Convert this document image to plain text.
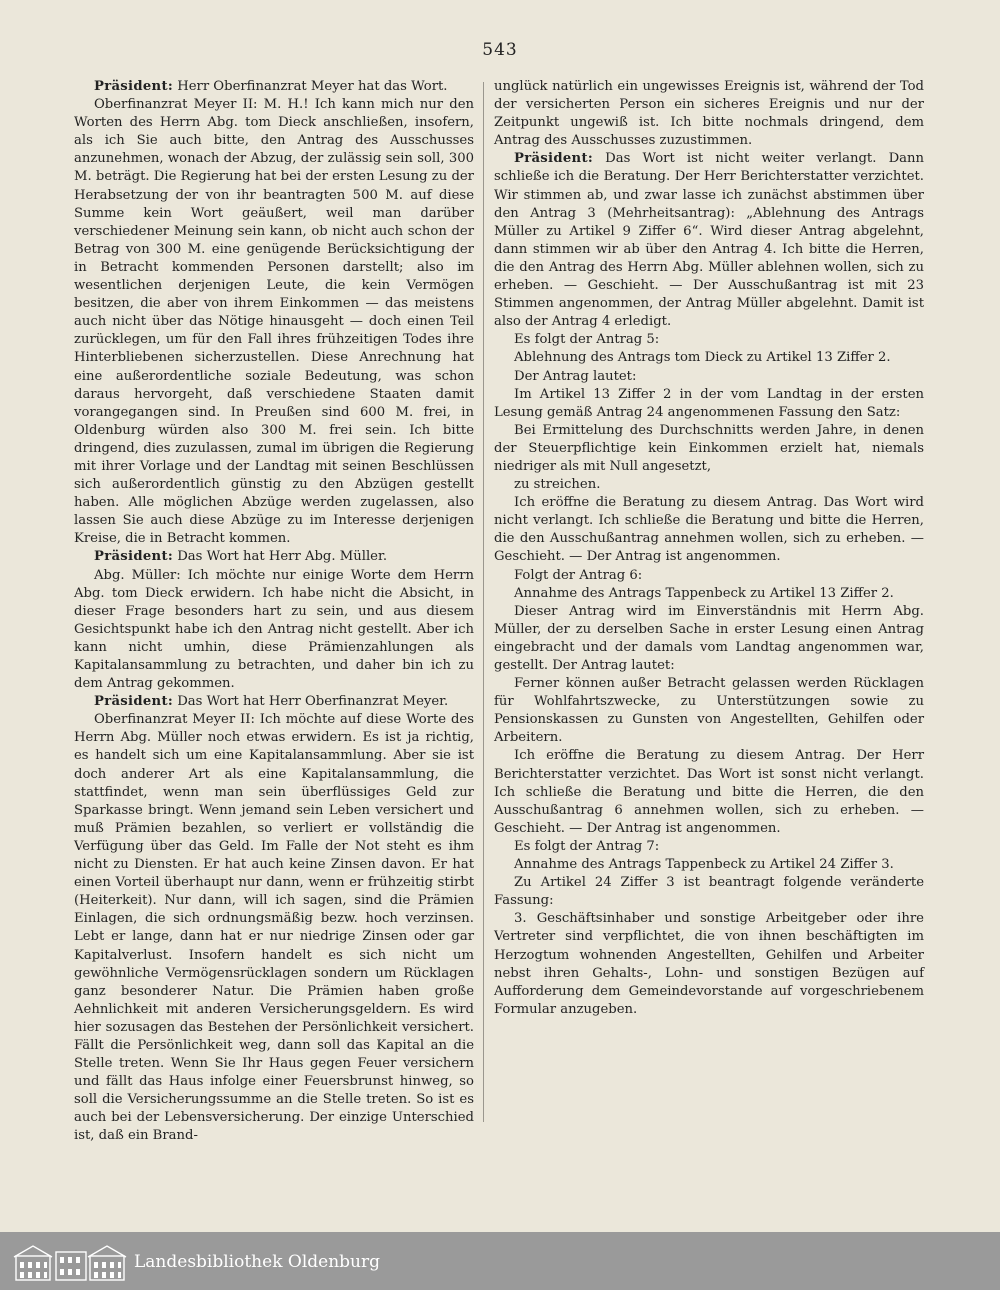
543

Präsident: Herr Oberfinanzrat Meyer hat das Wort.

Oberfinanzrat Meyer II: M. H.! Ich kann mich nur den Worten des Herrn Abg. tom Dieck anschließen, insofern, als ich Sie auch bitte, den Antrag des Ausschusses anzunehmen, wonach der Abzug, der zulässig sein soll, 300 M. beträgt. Die Regierung hat bei der ersten Lesung zu der Herabsetzung der von ihr beantragten 500 M. auf diese Summe kein Wort geäußert, weil man darüber verschiedener Meinung sein kann, ob nicht auch schon der Betrag von 300 M. eine genügende Berücksichtigung der in Betracht kommenden Personen darstellt; also im wesentlichen derjenigen Leute, die kein Vermögen besitzen, die aber von ihrem Einkommen — das meistens auch nicht über das Nötige hinausgeht — doch einen Teil zurücklegen, um für den Fall ihres frühzeitigen Todes ihre Hinterbliebenen sicherzustellen. Diese Anrechnung hat eine außerordentliche soziale Bedeutung, was schon daraus hervorgeht, daß verschiedene Staaten damit vorangegangen sind. In Preußen sind 600 M. frei, in Oldenburg würden also 300 M. frei sein. Ich bitte dringend, dies zuzulassen, zumal im übrigen die Regierung mit ihrer Vorlage und der Landtag mit seinen Beschlüssen sich außerordentlich günstig zu den Abzügen gestellt haben. Alle möglichen Abzüge werden zugelassen, also lassen Sie auch diese Abzüge zu im Interesse derjenigen Kreise, die in Betracht kommen.

Präsident: Das Wort hat Herr Abg. Müller.

Abg. Müller: Ich möchte nur einige Worte dem Herrn Abg. tom Dieck erwidern. Ich habe nicht die Absicht, in dieser Frage besonders hart zu sein, und aus diesem Gesichtspunkt habe ich den Antrag nicht gestellt. Aber ich kann nicht umhin, diese Prämienzahlungen als Kapitalansammlung zu betrachten, und daher bin ich zu dem Antrag gekommen.

Präsident: Das Wort hat Herr Oberfinanzrat Meyer.

Oberfinanzrat Meyer II: Ich möchte auf diese Worte des Herrn Abg. Müller noch etwas erwidern. Es ist ja richtig, es handelt sich um eine Kapitalansammlung. Aber sie ist doch anderer Art als eine Kapitalansammlung, die stattfindet, wenn man sein überflüssiges Geld zur Sparkasse bringt. Wenn jemand sein Leben versichert und muß Prämien bezahlen, so verliert er vollständig die Verfügung über das Geld. Im Falle der Not steht es ihm nicht zu Diensten. Er hat auch keine Zinsen davon. Er hat einen Vorteil überhaupt nur dann, wenn er frühzeitig stirbt (Heiterkeit). Nur dann, will ich sagen, sind die Prämien Einlagen, die sich ordnungsmäßig bezw. hoch verzinsen. Lebt er lange, dann hat er nur niedrige Zinsen oder gar Kapitalverlust. Insofern handelt es sich nicht um gewöhnliche Vermögensrücklagen sondern um Rücklagen ganz besonderer Natur. Die Prämien haben große Aehnlichkeit mit anderen Versicherungsgeldern. Es wird hier sozusagen das Bestehen der Persönlichkeit versichert. Fällt die Persönlichkeit weg, dann soll das Kapital an die Stelle treten. Wenn Sie Ihr Haus gegen Feuer versichern und fällt das Haus infolge einer Feuersbrunst hinweg, so soll die Versicherungssumme an die Stelle treten. So ist es auch bei der Lebensversicherung. Der einzige Unterschied ist, daß ein Brand-

unglück natürlich ein ungewisses Ereignis ist, während der Tod der versicherten Person ein sicheres Ereignis und nur der Zeitpunkt ungewiß ist. Ich bitte nochmals dringend, dem Antrag des Ausschusses zuzustimmen.

Präsident: Das Wort ist nicht weiter verlangt. Dann schließe ich die Beratung. Der Herr Berichterstatter verzichtet. Wir stimmen ab, und zwar lasse ich zunächst abstimmen über den Antrag 3 (Mehrheitsantrag): „Ablehnung des Antrags Müller zu Artikel 9 Ziffer 6“. Wird dieser Antrag abgelehnt, dann stimmen wir ab über den Antrag 4. Ich bitte die Herren, die den Antrag des Herrn Abg. Müller ablehnen wollen, sich zu erheben. — Geschieht. — Der Ausschußantrag ist mit 23 Stimmen angenommen, der Antrag Müller abgelehnt. Damit ist also der Antrag 4 erledigt.

Es folgt der Antrag 5:

Ablehnung des Antrags tom Dieck zu Artikel 13 Ziffer 2.

Der Antrag lautet:

Im Artikel 13 Ziffer 2 in der vom Landtag in der ersten Lesung gemäß Antrag 24 angenommenen Fassung den Satz:

Bei Ermittelung des Durchschnitts werden Jahre, in denen der Steuerpflichtige kein Einkommen erzielt hat, niemals niedriger als mit Null angesetzt,

zu streichen.

Ich eröffne die Beratung zu diesem Antrag. Das Wort wird nicht verlangt. Ich schließe die Beratung und bitte die Herren, die den Ausschußantrag annehmen wollen, sich zu erheben. — Geschieht. — Der Antrag ist angenommen.

Folgt der Antrag 6:

Annahme des Antrags Tappenbeck zu Artikel 13 Ziffer 2.

Dieser Antrag wird im Einverständnis mit Herrn Abg. Müller, der zu derselben Sache in erster Lesung einen Antrag eingebracht und der damals vom Landtag angenommen war, gestellt. Der Antrag lautet:

Ferner können außer Betracht gelassen werden Rücklagen für Wohlfahrtszwecke, zu Unterstützungen sowie zu Pensionskassen zu Gunsten von Angestellten, Gehilfen oder Arbeitern.

Ich eröffne die Beratung zu diesem Antrag. Der Herr Berichterstatter verzichtet. Das Wort ist sonst nicht verlangt. Ich schließe die Beratung und bitte die Herren, die den Ausschußantrag 6 annehmen wollen, sich zu erheben. — Geschieht. — Der Antrag ist angenommen.

Es folgt der Antrag 7:

Annahme des Antrags Tappenbeck zu Artikel 24 Ziffer 3.

Zu Artikel 24 Ziffer 3 ist beantragt folgende veränderte Fassung:

3. Geschäftsinhaber und sonstige Arbeitgeber oder ihre Vertreter sind verpflichtet, die von ihnen beschäftigten im Herzogtum wohnenden Angestellten, Gehilfen und Arbeiter nebst ihren Gehalts-, Lohn- und sonstigen Bezügen auf Aufforderung dem Gemeindevorstande auf vorgeschriebenem Formular anzugeben.

Landesbibliothek Oldenburg
